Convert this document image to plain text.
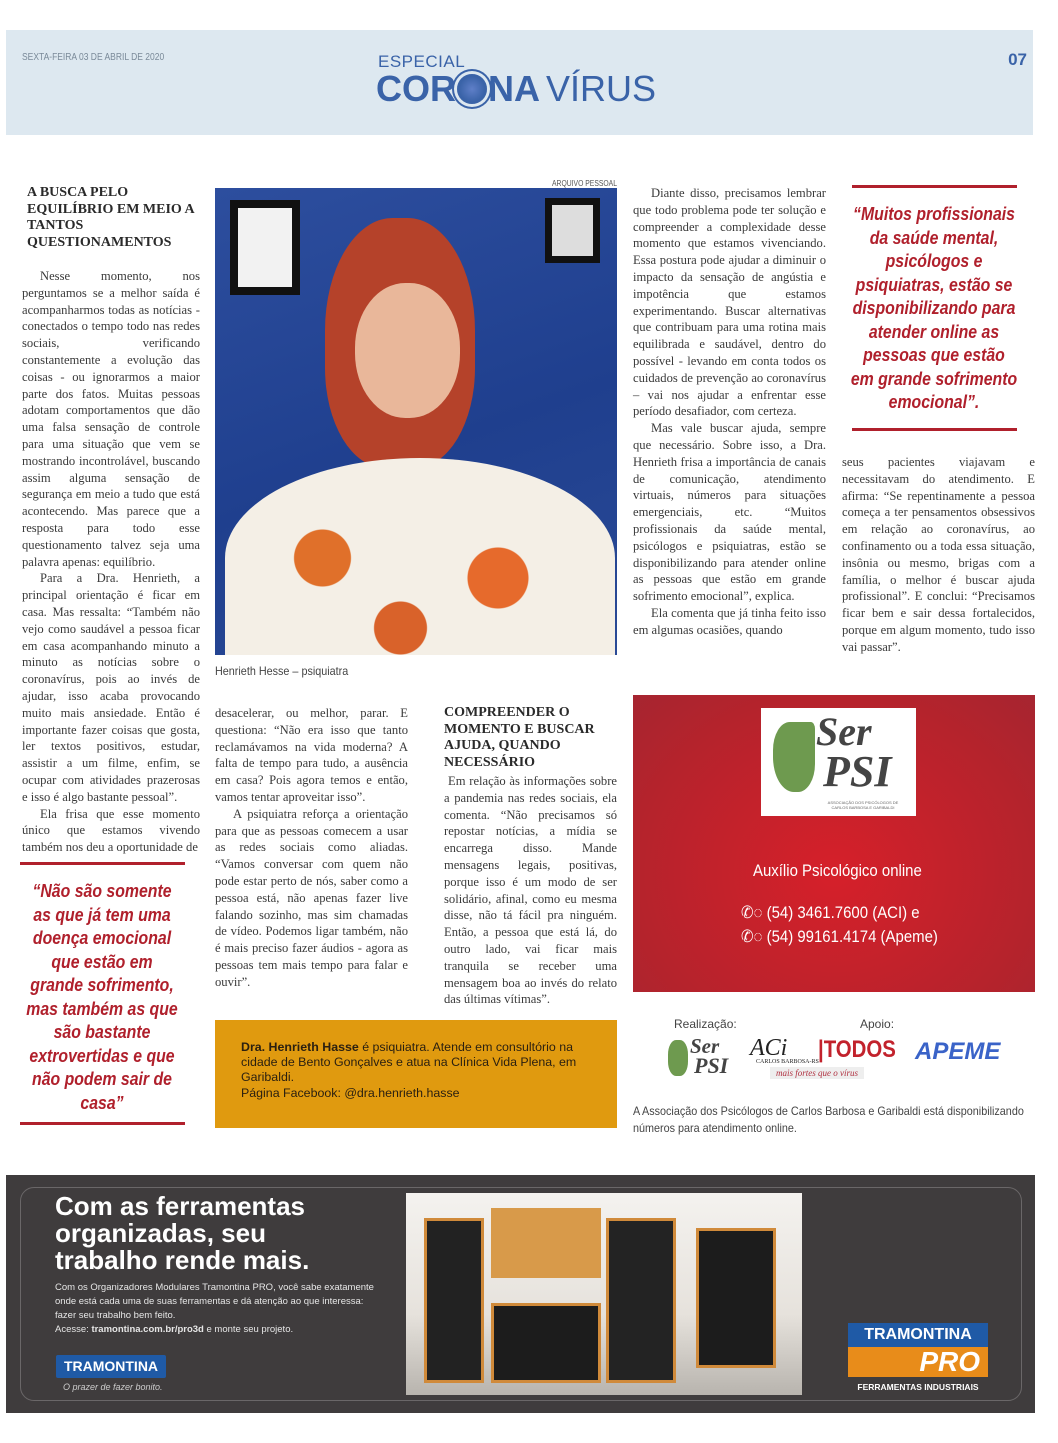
SEXTA-FEIRA 03 DE ABRIL DE 2020	ESPECIAL
COR NA VÍRUS
07
A BUSCA PELO EQUILÍBRIO EM MEIO A TANTOS QUESTIONAMENTOS

Nesse momento, nos perguntamos se a melhor saída é acompanharmos todas as notícias - conectados o tempo todo nas redes sociais, verificando constantemente a evolução das coisas - ou ignorarmos a maior parte dos fatos. Muitas pessoas adotam comportamentos que dão uma falsa sensação de controle para uma situação que vem se mostrando incontrolável, buscando assim alguma sensação de segurança em meio a tudo que está acontecendo. Mas parece que a resposta para todo esse questionamento talvez seja uma palavra apenas: equilíbrio.

Para a Dra. Henrieth, a principal orientação é ficar em casa. Mas ressalta: “Também não vejo como saudável a pessoa ficar em casa acompanhando minuto a minuto as notícias sobre o coronavírus, pois ao invés de ajudar, isso acaba provocando muito mais ansiedade. Então é importante fazer coisas que gosta, ler textos positivos, estudar, assistir a um filme, enfim, se ocupar com atividades prazerosas e isso é algo bastante pessoal”.

Ela frisa que esse momento único que estamos vivendo também nos deu a oportunidade de

“Não são somente as que já tem uma doença emocional que estão em grande sofrimento, mas também as que são bastante extrovertidas e que não podem sair de casa”
ARQUIVO PESSOAL
Henrieth Hesse – psiquiatra

desacelerar, ou melhor, parar. E questiona: “Não era isso que tanto reclamávamos na vida moderna? A falta de tempo para tudo, a ausência em casa? Pois agora temos e então, vamos tentar aproveitar isso”.

A psiquiatra reforça a orientação para que as pessoas comecem a usar as redes sociais como aliadas. “Vamos conversar com quem não pode estar perto de nós, saber como a pessoa está, não apenas fazer live falando sozinho, mas sim chamadas de vídeo. Podemos ligar também, não é mais preciso fazer áudios - agora as pessoas tem mais tempo para falar e ouvir”.

COMPREENDER O MOMENTO E BUSCAR AJUDA, QUANDO NECESSÁRIO

Em relação às informações sobre a pandemia nas redes sociais, ela comenta. “Não precisamos só repostar notícias, a mídia se encarrega disso. Mande mensagens legais, positivas, porque isso é um modo de ser solidário, afinal, como eu mesma disse, não tá fácil pra ninguém. Então, a pessoa que está lá, do outro lado, vai ficar mais tranquila se receber uma mensagem boa ao invés do relato das últimas vítimas”.

Dra. Henrieth Hasse é psiquiatra. Atende em consultório na cidade de Bento Gonçalves e atua na Clínica Vida Plena, em Garibaldi.
Página Facebook: @dra.henrieth.hasse

Diante disso, precisamos lembrar que todo problema pode ter solução e compreender a complexidade desse momento que estamos vivenciando. Essa postura pode ajudar a diminuir o impacto da sensação de angústia e impotência que estamos experimentando. Buscar alternativas que contribuam para uma rotina mais equilibrada e saudável, dentro do possível - levando em conta todos os cuidados de prevenção ao coronavírus – vai nos ajudar a enfrentar esse período desafiador, com certeza.

Mas vale buscar ajuda, sempre que necessário. Sobre isso, a Dra. Henrieth frisa a importância de canais de comunicação, atendimento virtuais, números para situações emergenciais, etc. “Muitos profissionais da saúde mental, psicólogos e psiquiatras, estão se disponibilizando para atender online as pessoas que estão em grande sofrimento emocional”, explica.

Ela comenta que já tinha feito isso em algumas ocasiões, quando

“Muitos profissionais da saúde mental, psicólogos e psiquiatras, estão se disponibilizando para atender online as pessoas que estão em grande sofrimento emocional”.

seus pacientes viajavam e necessitavam do atendimento. E afirma: “Se repentinamente a pessoa começa a ter pensamentos obsessivos em relação ao coronavírus, ao confinamento ou a toda essa situação, insônia ou mesmo, brigas com a família, o melhor é buscar ajuda profissional”. E conclui: “Precisamos ficar bem e sair dessa fortalecidos, porque em algum momento, tudo isso vai passar”.

Ser
PSI
ASSOCIAÇÃO DOS PSICÓLOGOS DE CARLOS BARBOSA E GARIBALDI
Auxílio Psicológico online
✆◌ (54) 3461.7600 (ACI) e
✆◌ (54) 99161.4174 (Apeme)
Realização:	Apoio:
Ser
PSI
ACi
CARLOS BARBOSA-RS |TODOS
mais fortes que o vírus
APEME
A Associação dos Psicólogos de Carlos Barbosa e Garibaldi está disponibilizando números para atendimento online.
Com as ferramentas organizadas, seu trabalho rende mais.
Com os Organizadores Modulares Tramontina PRO, você sabe exatamente onde está cada uma de suas ferramentas e dá atenção ao que interessa: fazer seu trabalho bem feito.
Acesse: tramontina.com.br/pro3d e monte seu projeto.
TRAMONTINA
O prazer de fazer bonito.
TRAMONTINA
PRO
FERRAMENTAS INDUSTRIAIS
